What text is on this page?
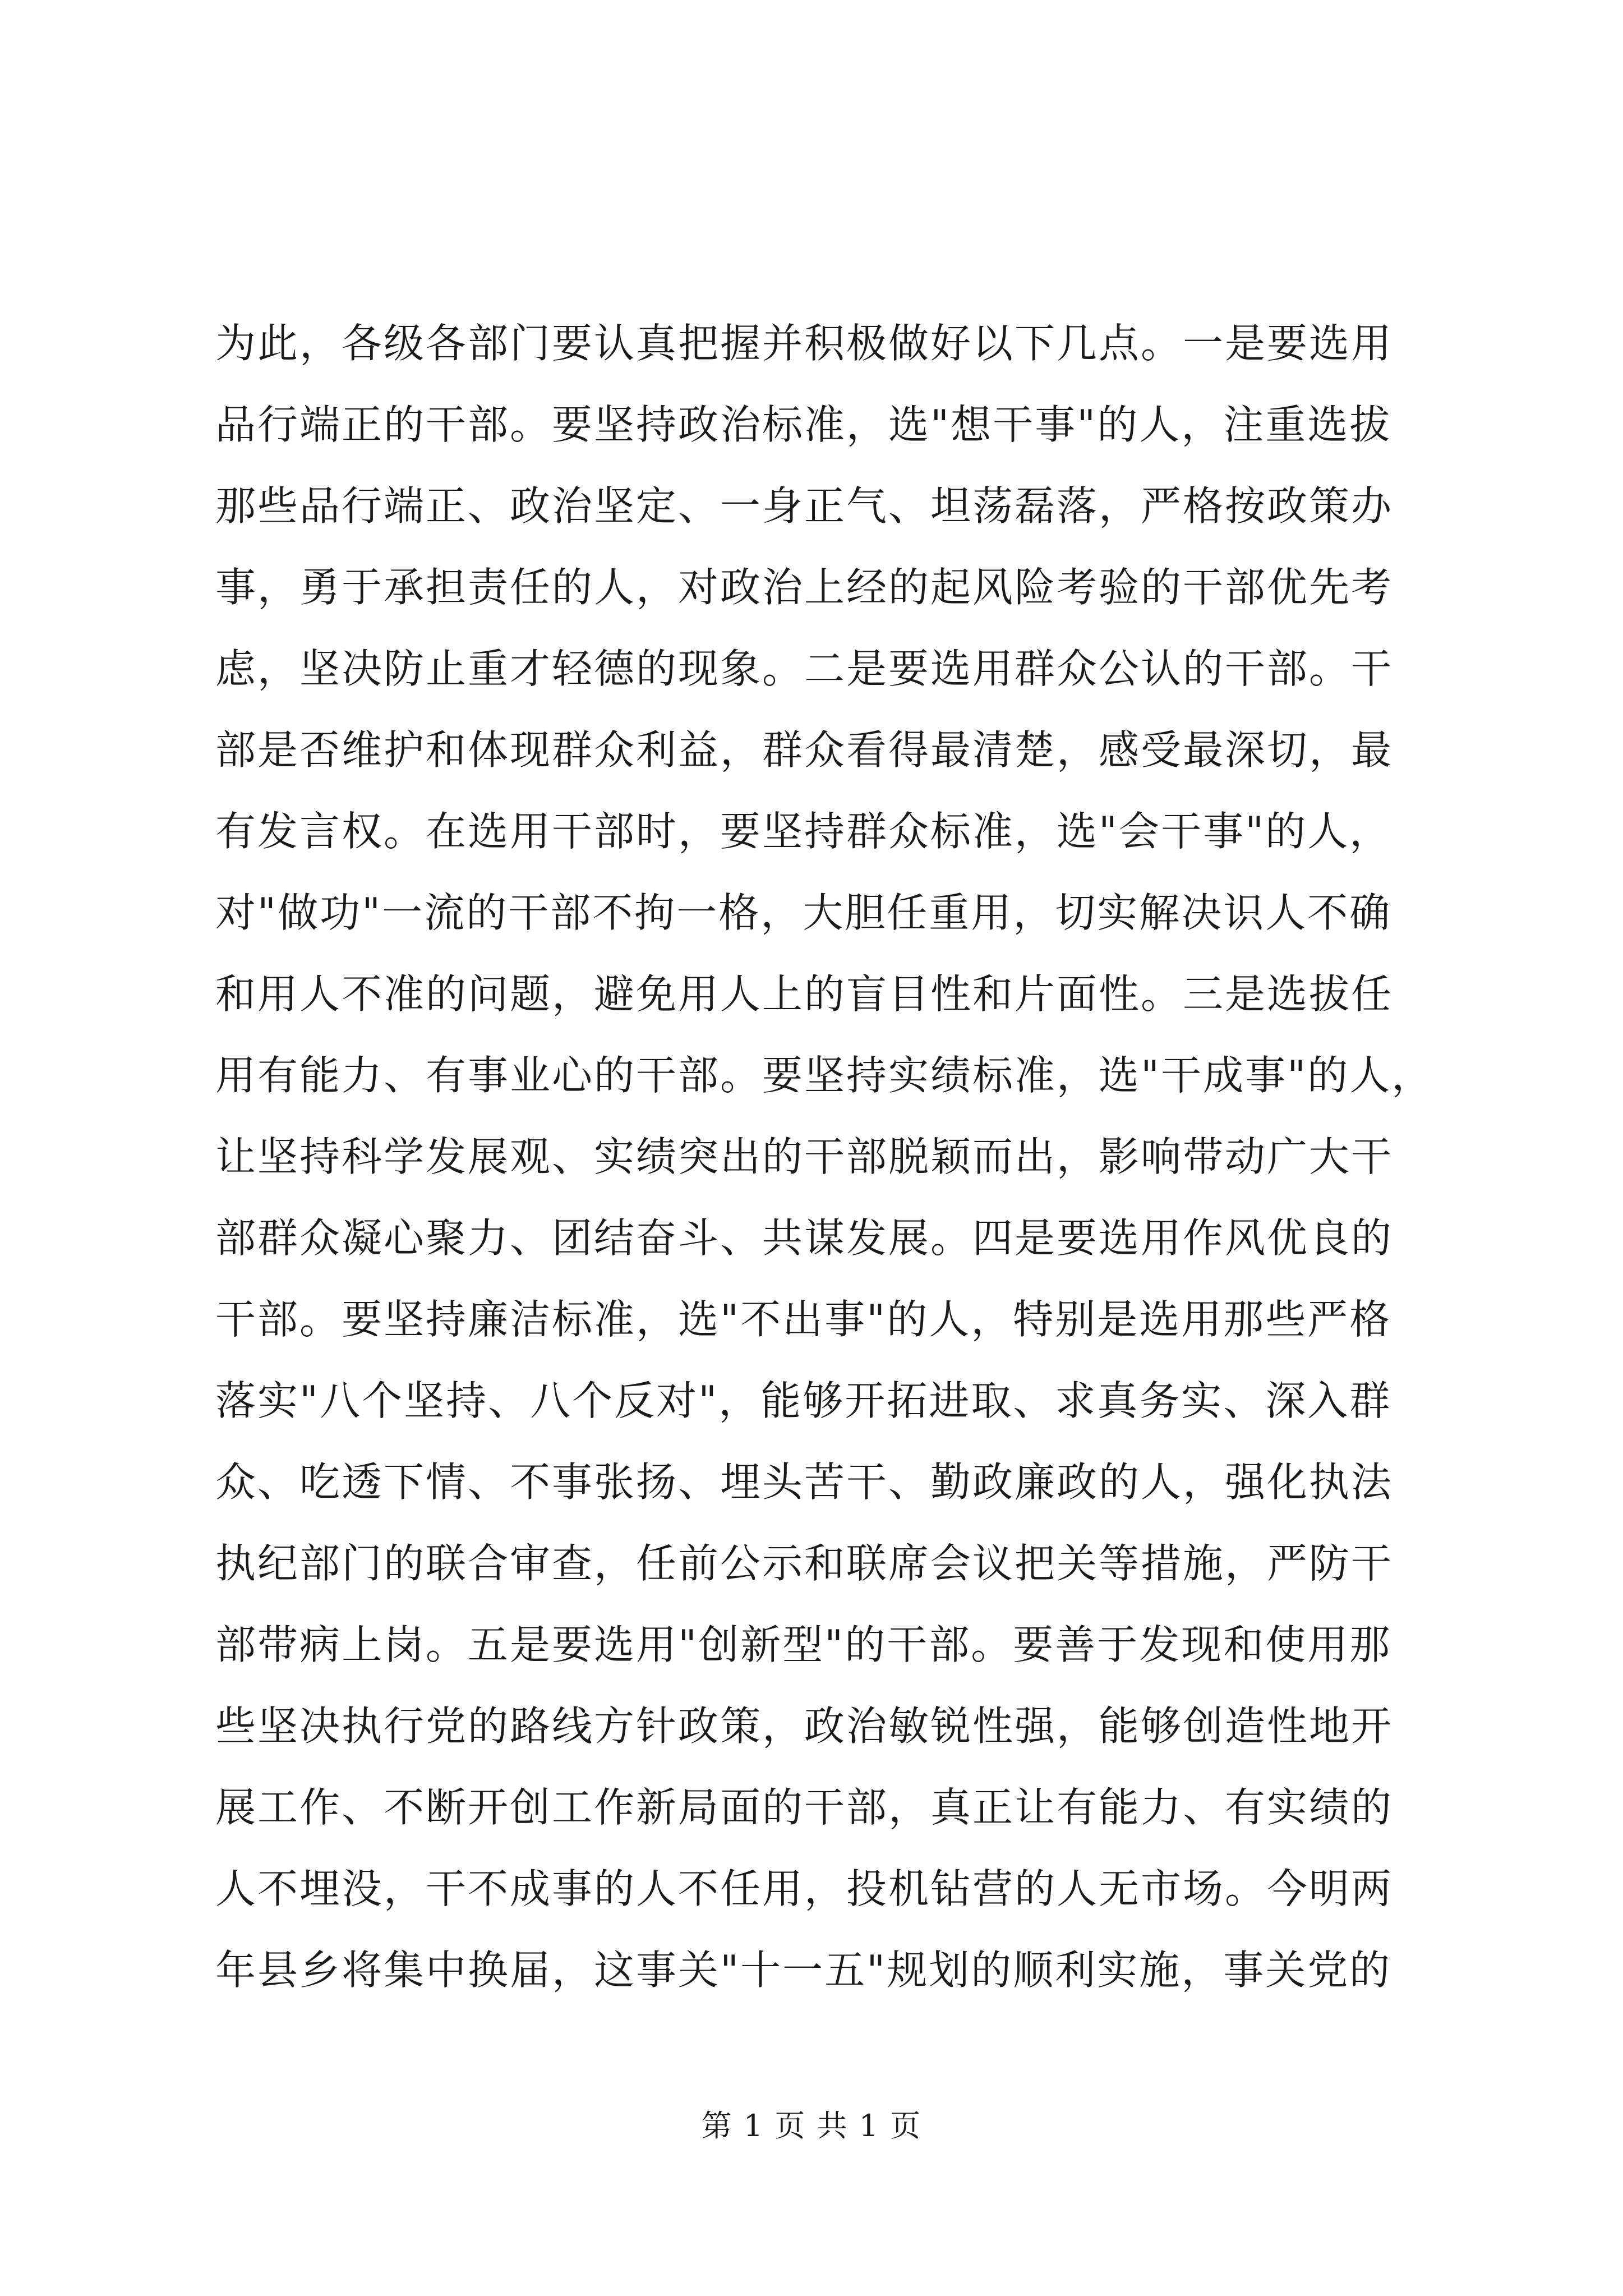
为此，各级各部门要认真把握并积极做好以下几点。一是要选用
品行端正的干部。要坚持政治标准，选"想干事"的人，注重选拔
那些品行端正、政治坚定、一身正气、坦荡磊落，严格按政策办
事，勇于承担责任的人，对政治上经的起风险考验的干部优先考
虑，坚决防止重才轻德的现象。二是要选用群众公认的干部。干
部是否维护和体现群众利益，群众看得最清楚，感受最深切，最
有发言权。在选用干部时，要坚持群众标准，选"会干事"的人，
对"做功"一流的干部不拘一格，大胆任重用，切实解决识人不确
和用人不准的问题，避免用人上的盲目性和片面性。三是选拔任
用有能力、有事业心的干部。要坚持实绩标准，选"干成事"的人，
让坚持科学发展观、实绩突出的干部脱颖而出，影响带动广大干
部群众凝心聚力、团结奋斗、共谋发展。四是要选用作风优良的
干部。要坚持廉洁标准，选"不出事"的人，特别是选用那些严格
落实"八个坚持、八个反对"，能够开拓进取、求真务实、深入群
众、吃透下情、不事张扬、埋头苦干、勤政廉政的人，强化执法
执纪部门的联合审查，任前公示和联席会议把关等措施，严防干
部带病上岗。五是要选用"创新型"的干部。要善于发现和使用那
些坚决执行党的路线方针政策，政治敏锐性强，能够创造性地开
展工作、不断开创工作新局面的干部，真正让有能力、有实绩的
人不埋没，干不成事的人不任用，投机钻营的人无市场。今明两
年县乡将集中换届，这事关"十一五"规划的顺利实施，事关党的
第 1 页 共 1 页
